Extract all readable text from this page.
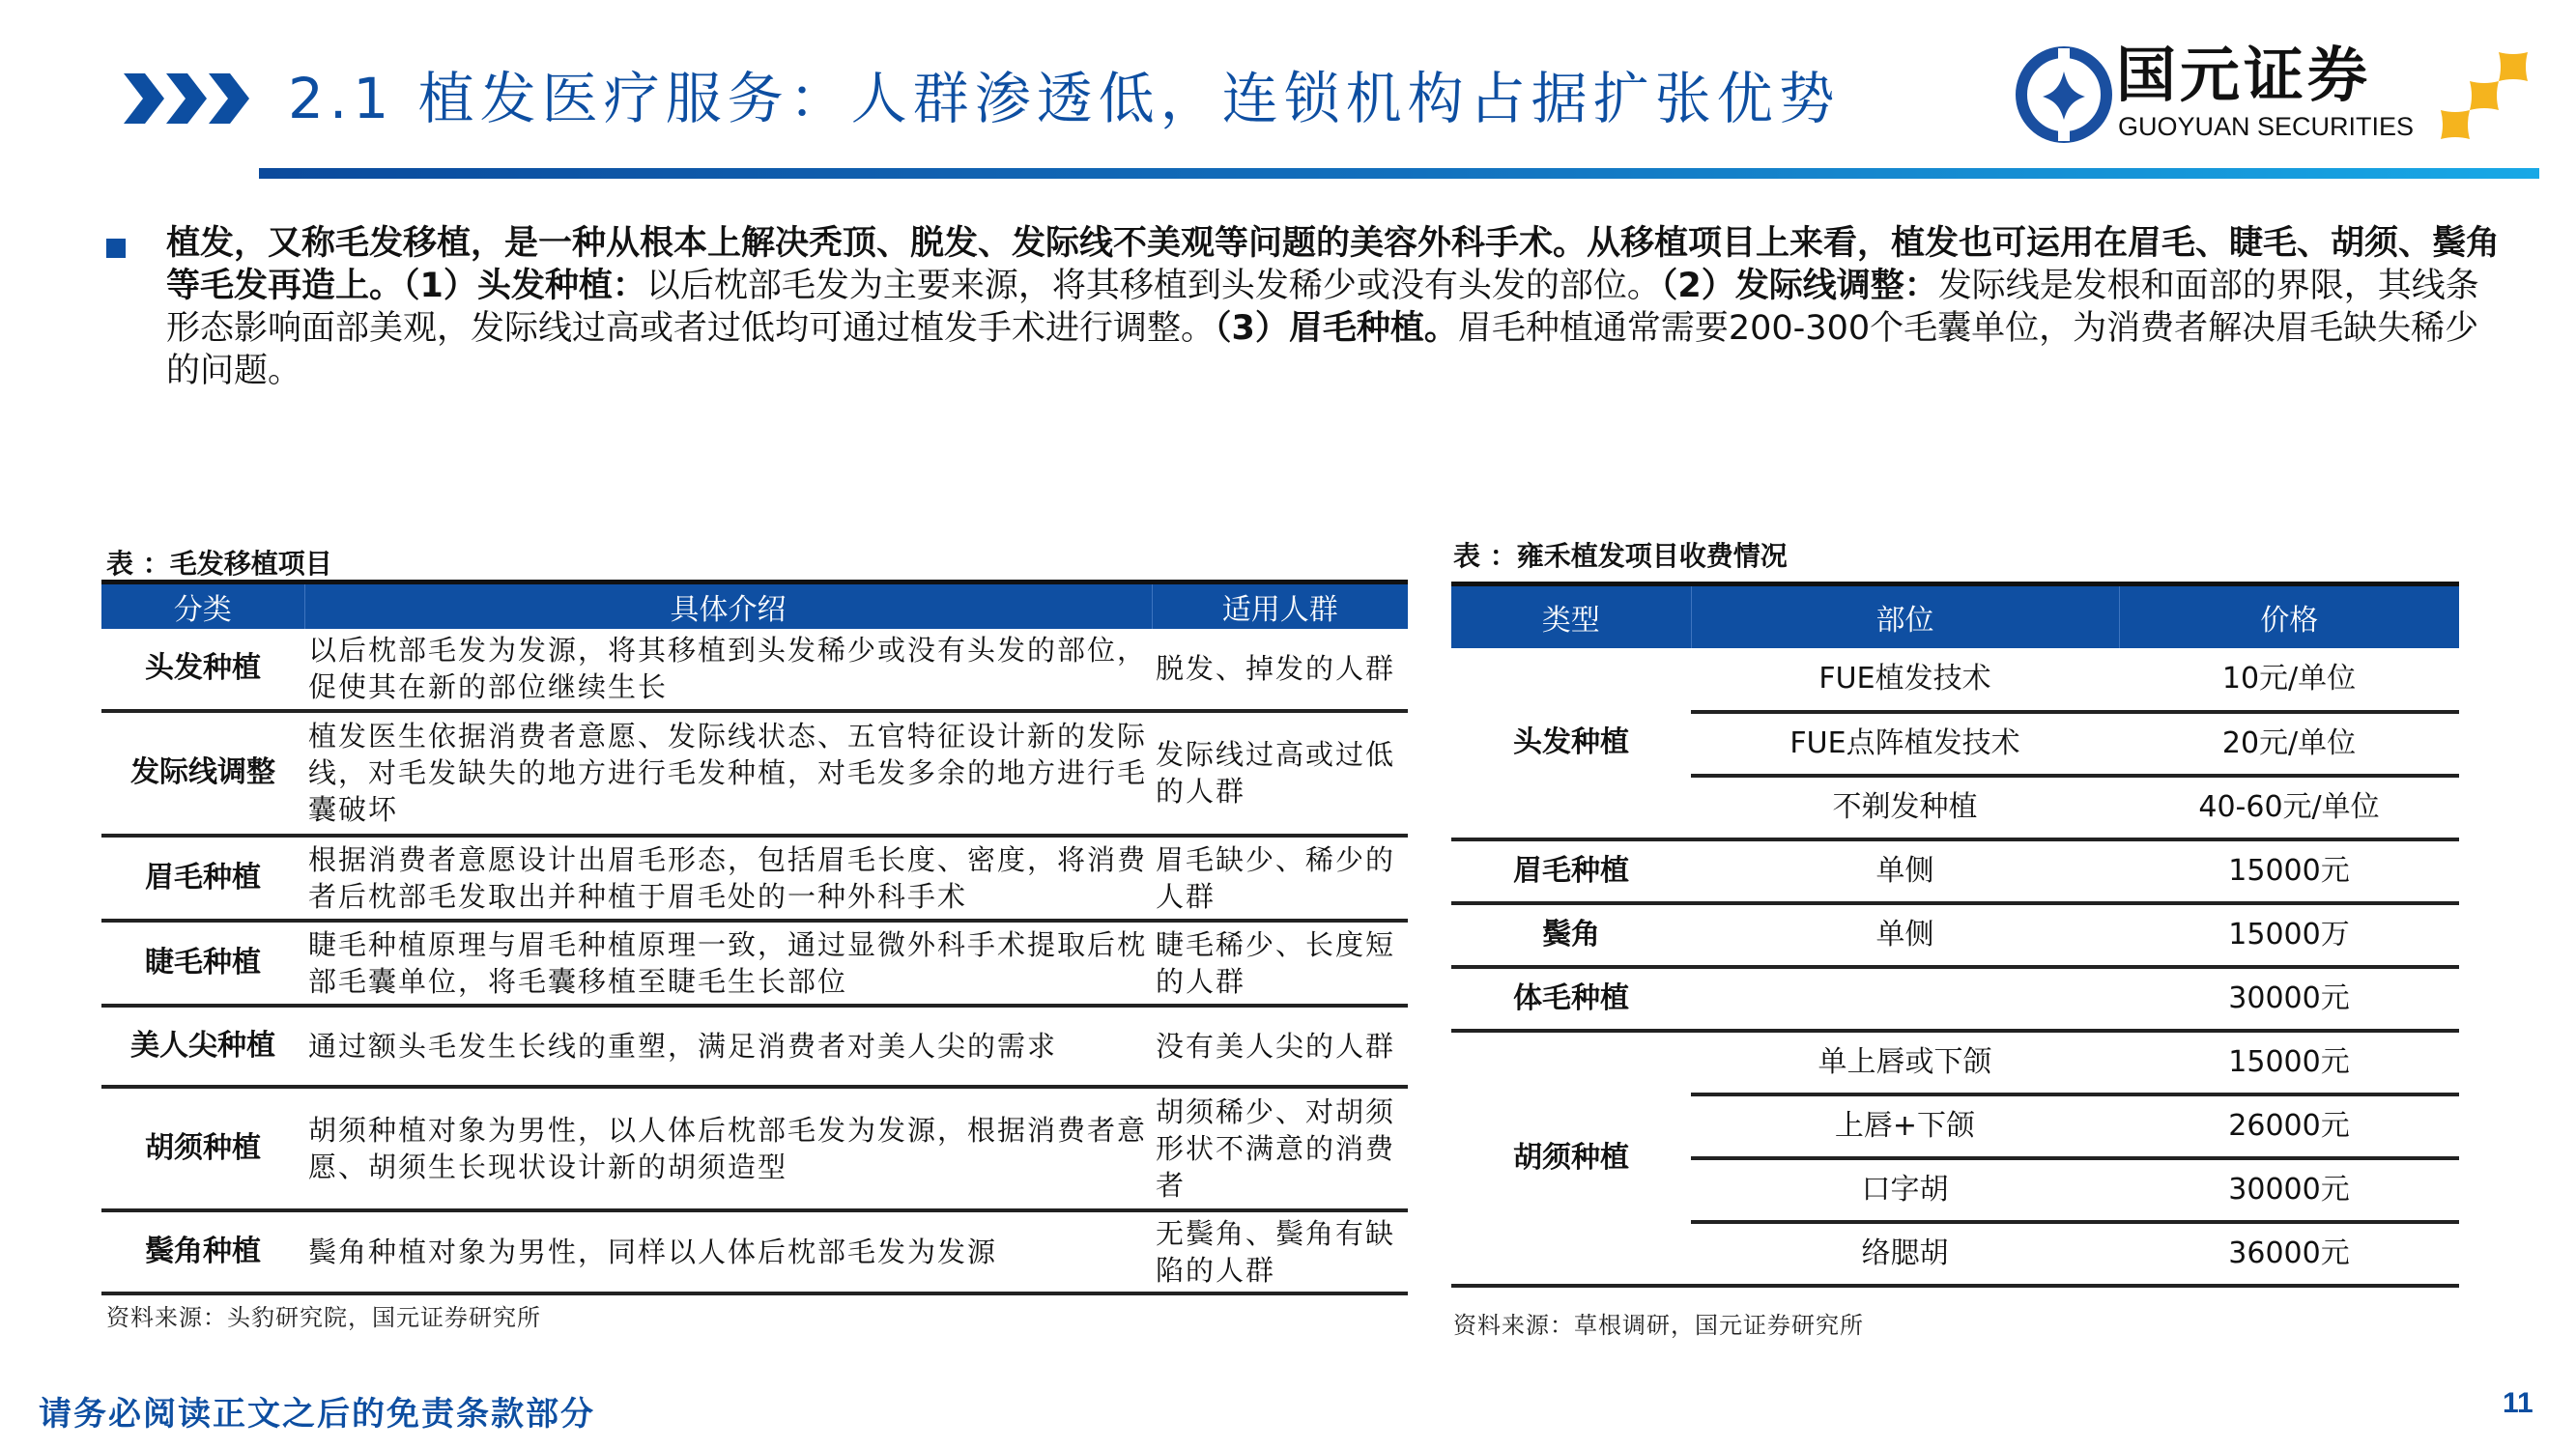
2.1 植发医疗服务：人群渗透低，连锁机构占据扩张优势	国元证券
GUOYUAN SECURITIES
植发，又称毛发移植，是一种从根本上解决秃顶、脱发、发际线不美观等问题的美容外科手术。从移植项目上来看，植发也可运用在眉毛、睫毛、胡须、鬓角等毛发再造上。（1）头发种植：以后枕部毛发为主要来源，将其移植到头发稀少或没有头发的部位。（2）发际线调整：发际线是发根和面部的界限，其线条形态影响面部美观，发际线过高或者过低均可通过植发手术进行调整。（3）眉毛种植。眉毛种植通常需要200-300个毛囊单位，为消费者解决眉毛缺失稀少的问题。
表 ：毛发移植项目
分类	具体介绍	适用人群
头发种植	以后枕部毛发为发源，将其移植到头发稀少或没有头发的部位，促使其在新的部位继续生长	脱发、掉发的人群
发际线调整	植发医生依据消费者意愿、发际线状态、五官特征设计新的发际线，对毛发缺失的地方进行毛发种植，对毛发多余的地方进行毛囊破坏	发际线过高或过低的人群
眉毛种植	根据消费者意愿设计出眉毛形态，包括眉毛长度、密度，将消费者后枕部毛发取出并种植于眉毛处的一种外科手术	眉毛缺少、稀少的人群
睫毛种植	睫毛种植原理与眉毛种植原理一致，通过显微外科手术提取后枕部毛囊单位，将毛囊移植至睫毛生长部位	睫毛稀少、长度短的人群
美人尖种植	通过额头毛发生长线的重塑，满足消费者对美人尖的需求	没有美人尖的人群
胡须种植	胡须种植对象为男性，以人体后枕部毛发为发源，根据消费者意愿、胡须生长现状设计新的胡须造型	胡须稀少、对胡须形状不满意的消费者
鬓角种植	鬓角种植对象为男性，同样以人体后枕部毛发为发源	无鬓角、鬓角有缺陷的人群
资料来源：头豹研究院，国元证券研究所
表 ：雍禾植发项目收费情况
类型	部位	价格
头发种植	FUE植发技术	10元/单位
	FUE点阵植发技术	20元/单位
	不剃发种植	40-60元/单位
眉毛种植	单侧	15000元
鬓角	单侧	15000万
体毛种植		30000元
胡须种植	单上唇或下颌	15000元
	上唇+下颌	26000元
	口字胡	30000元
	络腮胡	36000元
资料来源：草根调研，国元证券研究所
请务必阅读正文之后的免责条款部分	11
